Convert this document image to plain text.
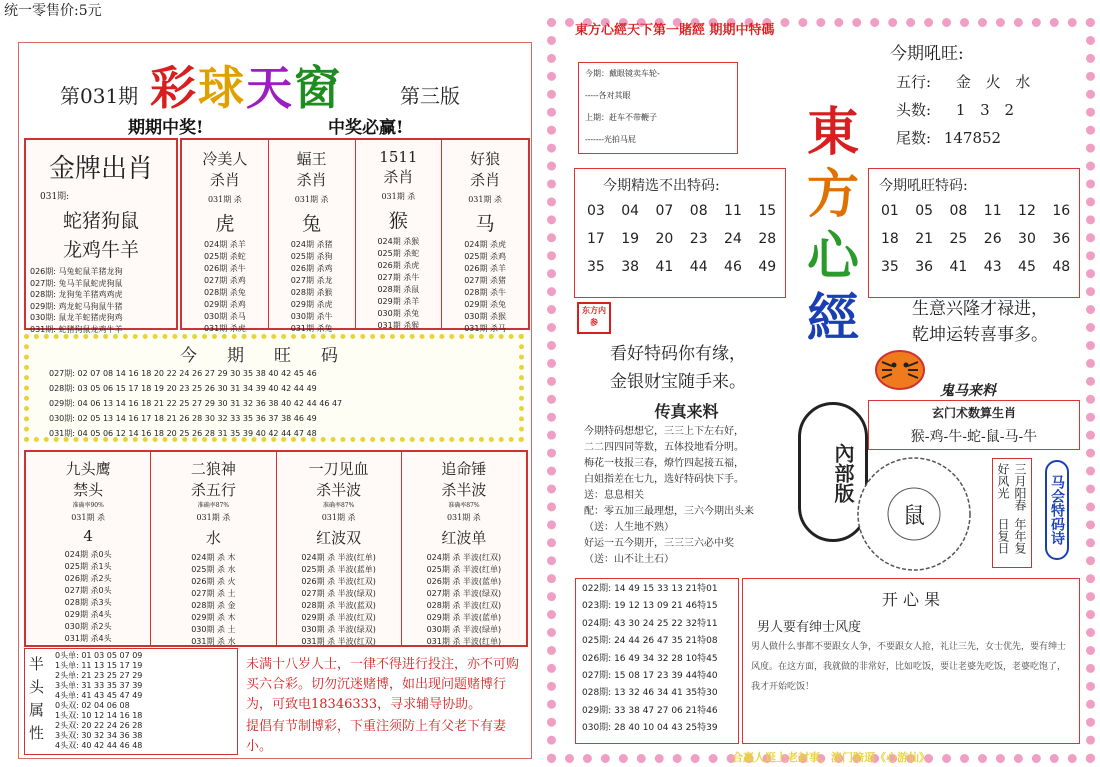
统一零售价:5元
第031期 彩球天窗	第三版
期期中奖!	中奖必赢!
金牌出肖
031期:
蛇猪狗鼠
龙鸡牛羊
026期: 马兔蛇鼠羊猪龙狗
027期: 兔马羊鼠蛇虎狗鼠
028期: 龙狗兔羊猪鸡鸡虎
029期: 鸡龙蛇马狗鼠牛猪
030期: 鼠龙羊蛇猪虎狗鸡
031期: 蛇猪狗鼠龙鸡牛羊
冷美人
杀肖
031期 杀
虎
024期 杀羊
025期 杀蛇
026期 杀牛
027期 杀鸡
028期 杀兔
029期 杀鸡
030期 杀马
031期 杀虎
蝠王
杀肖
031期 杀
兔
024期 杀猪
025期 杀狗
026期 杀鸡
027期 杀龙
028期 杀猴
029期 杀虎
030期 杀牛
031期 杀兔
1511
杀肖
031期 杀
猴
024期 杀猴
025期 杀蛇
026期 杀虎
027期 杀牛
028期 杀鼠
029期 杀羊
030期 杀兔
031期 杀猴
好狼
杀肖
031期 杀
马
024期 杀虎
025期 杀鸡
026期 杀羊
027期 杀猪
028期 杀牛
029期 杀兔
030期 杀猴
031期 杀马
今期旺码
027期: 02 07 08 14 16 18 20 22 24 26 27 29 30 35 38 40 42 45 46
028期: 03 05 06 15 17 18 19 20 23 25 26 30 31 34 39 40 42 44 49
029期: 04 06 13 14 16 18 21 22 25 27 29 30 31 32 36 38 40 42 44 46 47
030期: 02 05 13 14 16 17 18 21 26 28 30 32 33 35 36 37 38 46 49
031期: 04 05 06 12 14 16 18 20 25 26 28 31 35 39 40 42 44 47 48
九头鹰
禁头
准确率90%
031期 杀
4
024期 杀0头
025期 杀1头
026期 杀2头
027期 杀0头
028期 杀3头
029期 杀4头
030期 杀2头
031期 杀4头
二狼神
杀五行
准确率87%
031期 杀
水
024期 杀 木
025期 杀 水
026期 杀 火
027期 杀 土
028期 杀 金
029期 杀 木
030期 杀 土
031期 杀 水
一刀见血
杀半波
准确率87%
031期 杀
红波双
024期 杀 半波(红单)
025期 杀 半波(蓝单)
026期 杀 半波(红双)
027期 杀 半波(绿双)
028期 杀 半波(蓝双)
029期 杀 半波(红双)
030期 杀 半波(绿双)
031期 杀 半波(红双)
追命锤
杀半波
准确率87%
031期 杀
红波单
024期 杀 半波(红双)
025期 杀 半波(红单)
026期 杀 半波(蓝单)
027期 杀 半波(绿双)
028期 杀 半波(红双)
029期 杀 半波(蓝单)
030期 杀 半波(绿单)
031期 杀 半波(红单)
半
头
属
性
0头单: 01 03 05 07 09
1头单: 11 13 15 17 19
2头单: 21 23 25 27 29
3头单: 31 33 35 37 39
4头单: 41 43 45 47 49
0头双: 02 04 06 08
1头双: 10 12 14 16 18
2头双: 20 22 24 26 28
3头双: 30 32 34 36 38
4头双: 40 42 44 46 48
未满十八岁人士，一律不得进行投注，亦不可购买六合彩。切勿沉迷赌博，如出现问题赌博行为，可致电18346333，寻求辅导协助。
提倡有节制博彩，下重注须防上有父老下有妻小。
東方心經天下第一賭經 期期中特碼
今期：戴眼镜卖车轮-
-----各对其眼
上期：赶车不带鞭子
-------光拍马屁
今期吼旺:
五行: 金 火 水
头数: 1 3 2
尾数: 147852
東
方
心
經
內部版
今期精选不出特码:
03 04 07 08 11 15
17 19 20 23 24 28
35 38 41 44 46 49
今期吼旺特码:
01 05 08 11 12 16
18 21 25 26 30 36
35 36 41 43 45 48
东方内参
看好特码你有缘，
金银财宝随手来。
生意兴隆才禄进，
乾坤运转喜事多。
鬼马来料
玄门术数算生肖
猴-鸡-牛-蛇-鼠-马-牛
传真来料
今期特码想想它，三三上下左右好，
二二四四同等数，五体投地看分明。
梅花一枝报三春，燎竹四起接五福，
白姐指差在七九，选好特码快下手。
送：息息相关
配：零五加三最理想，三六今期出头来
（送：人生地不熟）
好运一五今期开，三三三六必中奖
（送：山不让土石）
鼠
三月阳春好风光
年年复日复日	马会特码诗
022期: 14 49 15 33 13 21特01
023期: 19 12 13 09 21 46特15
024期: 43 30 24 25 22 32特11
025期: 24 44 26 47 35 21特08
026期: 16 49 34 32 28 10特45
027期: 15 08 17 23 39 44特40
028期: 13 32 46 34 41 35特30
029期: 33 38 47 27 06 21特46
030期: 28 40 10 04 43 25特39
开 心 果
男人要有绅士风度
男人做什么事都不要跟女人争，不要跟女人抢，礼让三先，女士优先，要有绅士风度。在这方面，我就做的非常好，比如吃饭，要让老婆先吃饭，老婆吃饱了，我才开始吃饭！
合赢人逛上老封事，澳门陪逼《心游仙》
